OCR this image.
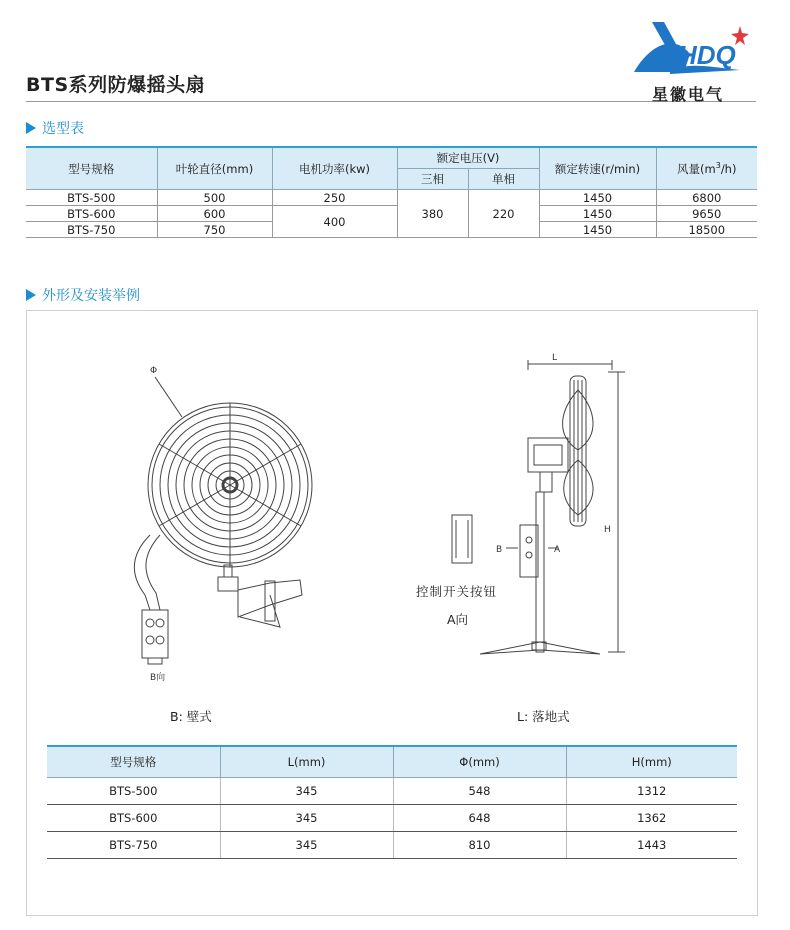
BTS系列防爆摇头扇
HDQ
星徽电气
选型表
型号规格	叶轮直径(mm)	电机功率(kw)	额定电压(V)		额定转速(r/min)	风量$(m^3/h)$
			三相	单相		
BTS-500	500	250	380	220	1450	6800
BTS-600	600	400			1450	9650
BTS-750	750				1450	18500
外形及安装举例
Φ
B向
L
H
B	A
控制开关按钮
A向
B: 壁式	L: 落地式
型号规格	L(mm)	Φ(mm)	H(mm)
BTS-500	345	548	1312
BTS-600	345	648	1362
BTS-750	345	810	1443
